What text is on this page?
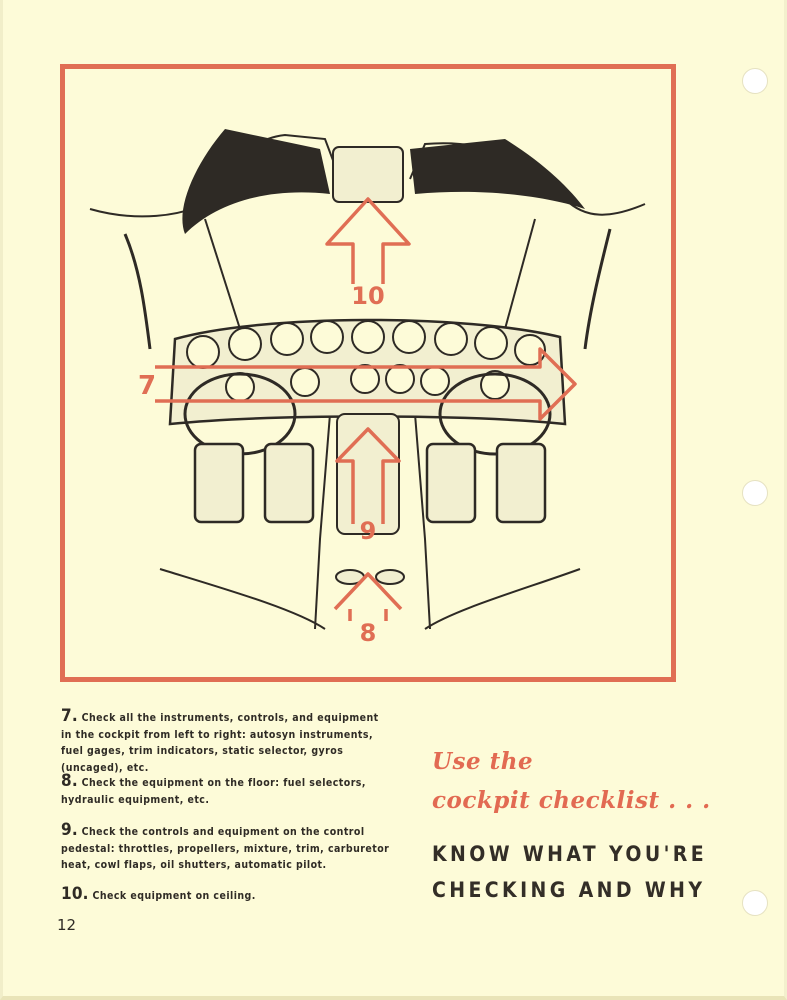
10
7
9
8

7. Check all the instruments, controls, and equipment in the cockpit from left to right: autosyn instruments, fuel gages, trim indicators, static selector, gyros (uncaged), etc.

8. Check the equipment on the floor: fuel selectors, hydraulic equipment, etc.

9. Check the controls and equipment on the control pedestal: throttles, propellers, mixture, trim, carburetor heat, cowl flaps, oil shutters, automatic pilot.

10. Check equipment on ceiling.

Use the

cockpit checklist . . .

KNOW WHAT YOU'RE

CHECKING AND WHY

12
